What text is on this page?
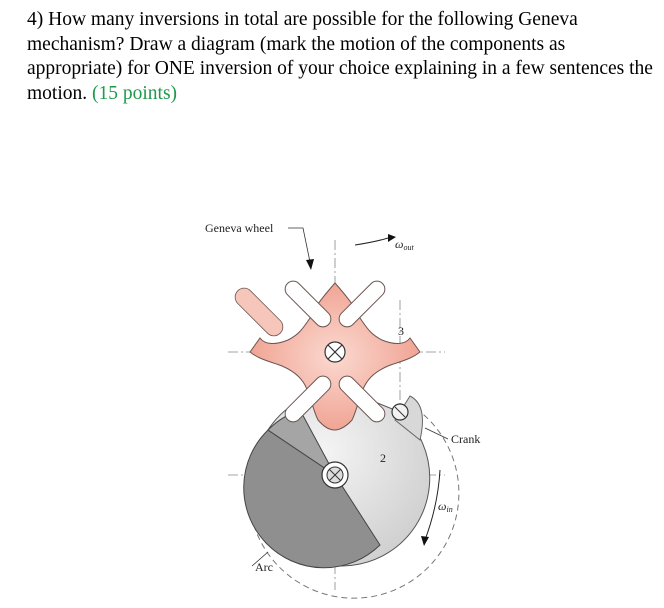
4) How many inversions in total are possible for the following Geneva mechanism? Draw a diagram (mark the motion of the components as appropriate) for ONE inversion of your choice explaining in a few sentences the motion. (15 points)

Geneva wheel
ωout
3
2
Crank
ωin
Arc
